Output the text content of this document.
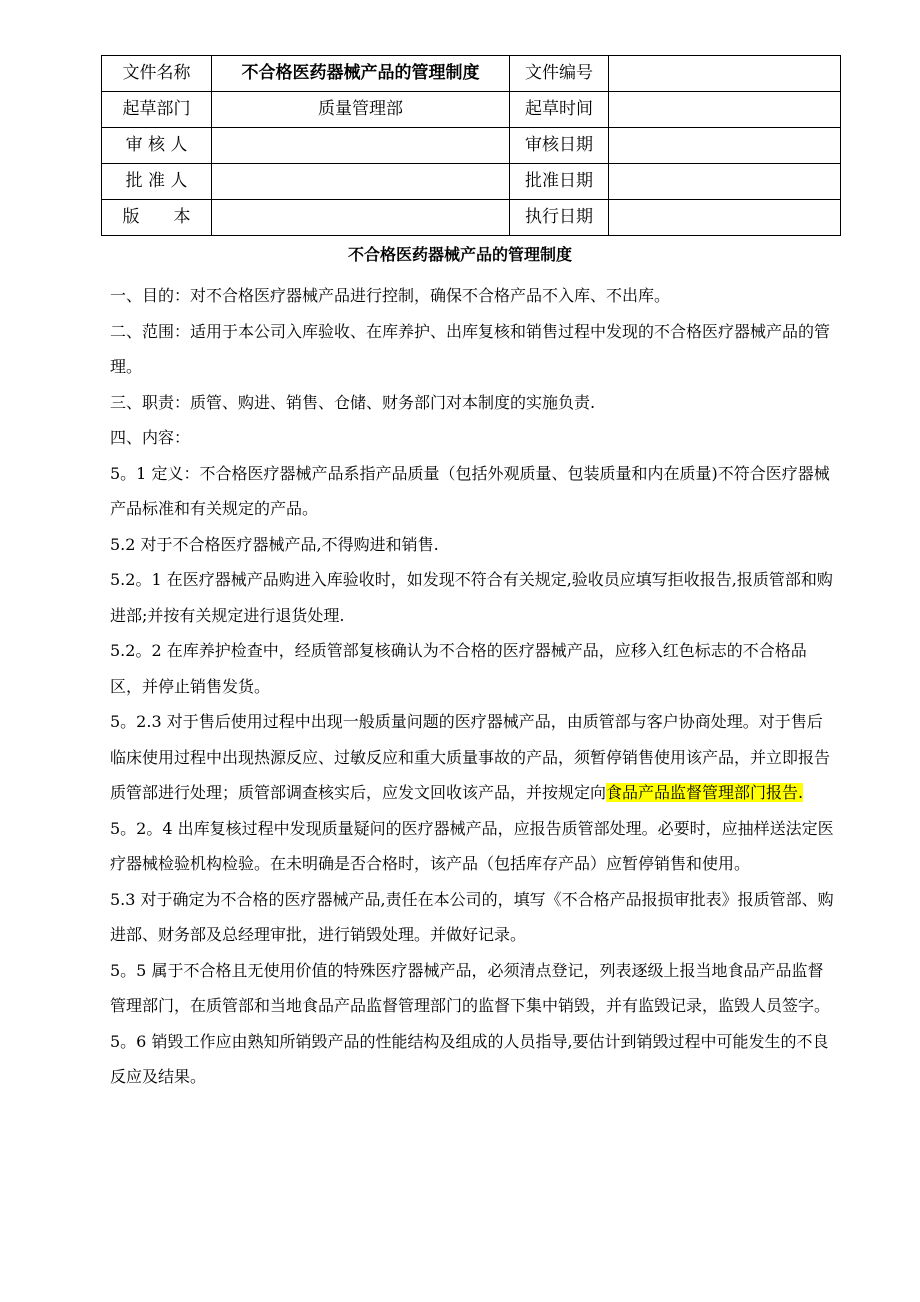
文件名称	不合格医药器械产品的管理制度	文件编号	
起草部门	质量管理部	起草时间	
审 核 人		审核日期	
批 准 人		批准日期	
版　　本		执行日期	
不合格医药器械产品的管理制度

一、目的：对不合格医疗器械产品进行控制，确保不合格产品不入库、不出库。

二、范围：适用于本公司入库验收、在库养护、出库复核和销售过程中发现的不合格医疗器械产品的管理。

三、职责：质管、购进、销售、仓储、财务部门对本制度的实施负责.

四、内容：

5。1 定义：不合格医疗器械产品系指产品质量（包括外观质量、包装质量和内在质量)不符合医疗器械产品标准和有关规定的产品。

5.2 对于不合格医疗器械产品,不得购进和销售.

5.2。1 在医疗器械产品购进入库验收时，如发现不符合有关规定,验收员应填写拒收报告,报质管部和购进部;并按有关规定进行退货处理.

5.2。2 在库养护检查中，经质管部复核确认为不合格的医疗器械产品，应移入红色标志的不合格品区，并停止销售发货。

5。2.3 对于售后使用过程中出现一般质量问题的医疗器械产品，由质管部与客户协商处理。对于售后临床使用过程中出现热源反应、过敏反应和重大质量事故的产品，须暂停销售使用该产品，并立即报告质管部进行处理；质管部调查核实后，应发文回收该产品，并按规定向食品产品监督管理部门报告.

5。2。4 出库复核过程中发现质量疑问的医疗器械产品，应报告质管部处理。必要时，应抽样送法定医疗器械检验机构检验。在未明确是否合格时，该产品（包括库存产品）应暂停销售和使用。

5.3 对于确定为不合格的医疗器械产品,责任在本公司的，填写《不合格产品报损审批表》报质管部、购进部、财务部及总经理审批，进行销毁处理。并做好记录。

5。5 属于不合格且无使用价值的特殊医疗器械产品，必须清点登记，列表逐级上报当地食品产品监督管理部门，在质管部和当地食品产品监督管理部门的监督下集中销毁，并有监毁记录，监毁人员签字。

5。6 销毁工作应由熟知所销毁产品的性能结构及组成的人员指导,要估计到销毁过程中可能发生的不良反应及结果。
